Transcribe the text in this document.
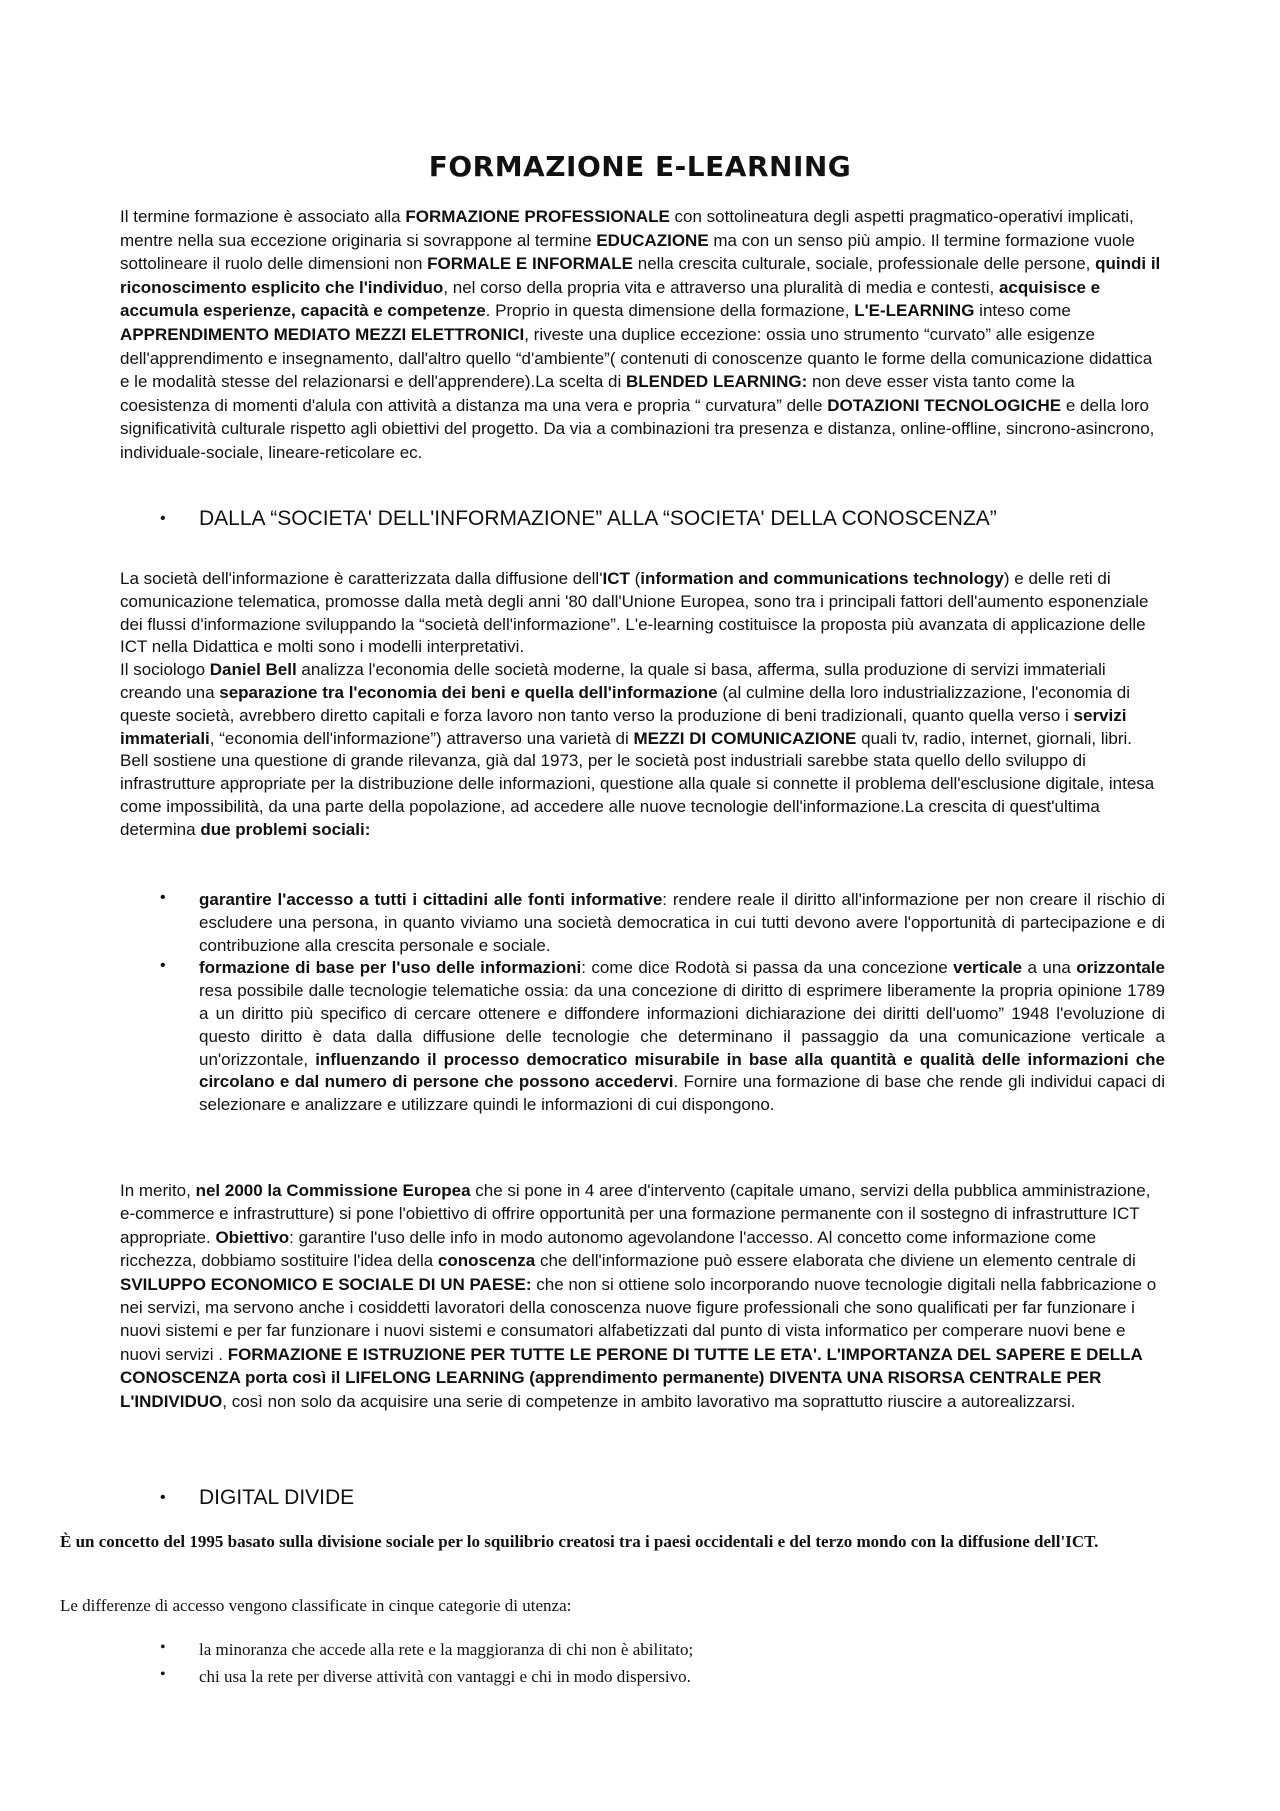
FORMAZIONE E-LEARNING
Il termine formazione è associato alla FORMAZIONE PROFESSIONALE con sottolineatura degli aspetti pragmatico-operativi implicati, mentre nella sua eccezione originaria si sovrappone al termine EDUCAZIONE ma con un senso più ampio. Il termine formazione vuole sottolineare il ruolo delle dimensioni non FORMALE E INFORMALE nella crescita culturale, sociale, professionale delle persone, quindi il riconoscimento esplicito che l'individuo, nel corso della propria vita e attraverso una pluralità di media e contesti, acquisisce e accumula esperienze, capacità e competenze. Proprio in questa dimensione della formazione, L'E-LEARNING inteso come APPRENDIMENTO MEDIATO MEZZI ELETTRONICI, riveste una duplice eccezione: ossia uno strumento “curvato” alle esigenze dell'apprendimento e insegnamento, dall'altro quello “d'ambiente”( contenuti di conoscenze quanto le forme della comunicazione didattica e le modalità stesse del relazionarsi e dell'apprendere).La scelta di BLENDED LEARNING: non deve esser vista tanto come la coesistenza di momenti d'alula con attività a distanza ma una vera e propria “ curvatura” delle DOTAZIONI TECNOLOGICHE e della loro significatività culturale rispetto agli obiettivi del progetto. Da via a combinazioni tra presenza e distanza, online-offline, sincrono-asincrono, individuale-sociale, lineare-reticolare ec.
• DALLA “SOCIETA' DELL'INFORMAZIONE” ALLA “SOCIETA' DELLA CONOSCENZA”
La società dell'informazione è caratterizzata dalla diffusione dell'ICT (information and communications technology) e delle reti di comunicazione telematica, promosse dalla metà degli anni '80 dall'Unione Europea, sono tra i principali fattori dell'aumento esponenziale dei flussi d'informazione sviluppando la “società dell'informazione”. L'e-learning costituisce la proposta più avanzata di applicazione delle ICT nella Didattica e molti sono i modelli interpretativi.
Il sociologo Daniel Bell analizza l'economia delle società moderne, la quale si basa, afferma, sulla produzione di servizi immateriali creando una separazione tra l'economia dei beni e quella dell'informazione (al culmine della loro industrializzazione, l'economia di queste società, avrebbero diretto capitali e forza lavoro non tanto verso la produzione di beni tradizionali, quanto quella verso i servizi immateriali, “economia dell'informazione”) attraverso una varietà di MEZZI DI COMUNICAZIONE quali tv, radio, internet, giornali, libri. Bell sostiene una questione di grande rilevanza, già dal 1973, per le società post industriali sarebbe stata quello dello sviluppo di infrastrutture appropriate per la distribuzione delle informazioni, questione alla quale si connette il problema dell'esclusione digitale, intesa come impossibilità, da una parte della popolazione, ad accedere alle nuove tecnologie dell'informazione.La crescita di quest'ultima determina due problemi sociali:
• garantire l'accesso a tutti i cittadini alle fonti informative: rendere reale il diritto all'informazione per non creare il rischio di escludere una persona, in quanto viviamo una società democratica in cui tutti devono avere l'opportunità di partecipazione e di contribuzione alla crescita personale e sociale.
• formazione di base per l'uso delle informazioni: come dice Rodotà si passa da una concezione verticale a una orizzontale resa possibile dalle tecnologie telematiche ossia: da una concezione di diritto di esprimere liberamente la propria opinione 1789 a un diritto più specifico di cercare ottenere e diffondere informazioni dichiarazione dei diritti dell'uomo” 1948 l'evoluzione di questo diritto è data dalla diffusione delle tecnologie che determinano il passaggio da una comunicazione verticale a un'orizzontale, influenzando il processo democratico misurabile in base alla quantità e qualità delle informazioni che circolano e dal numero di persone che possono accedervi. Fornire una formazione di base che rende gli individui capaci di selezionare e analizzare e utilizzare quindi le informazioni di cui dispongono.
In merito, nel 2000 la Commissione Europea che si pone in 4 aree d'intervento (capitale umano, servizi della pubblica amministrazione, e-commerce e infrastrutture) si pone l'obiettivo di offrire opportunità per una formazione permanente con il sostegno di infrastrutture ICT appropriate. Obiettivo: garantire l'uso delle info in modo autonomo agevolandone l'accesso. Al concetto come informazione come ricchezza, dobbiamo sostituire l'idea della conoscenza che dell'informazione può essere elaborata che diviene un elemento centrale di SVILUPPO ECONOMICO E SOCIALE DI UN PAESE: che non si ottiene solo incorporando nuove tecnologie digitali nella fabbricazione o nei servizi, ma servono anche i cosiddetti lavoratori della conoscenza nuove figure professionali che sono qualificati per far funzionare i nuovi sistemi e per far funzionare i nuovi sistemi e consumatori alfabetizzati dal punto di vista informatico per comperare nuovi bene e nuovi servizi . FORMAZIONE E ISTRUZIONE PER TUTTE LE PERONE DI TUTTE LE ETA'. L'IMPORTANZA DEL SAPERE E DELLA CONOSCENZA porta così il LIFELONG LEARNING (apprendimento permanente) DIVENTA UNA RISORSA CENTRALE PER L'INDIVIDUO, così non solo da acquisire una serie di competenze in ambito lavorativo ma soprattutto riuscire a autorealizzarsi.
• DIGITAL DIVIDE
È un concetto del 1995 basato sulla divisione sociale per lo squilibrio creatosi tra i paesi occidentali e del terzo mondo con la diffusione dell'ICT.
Le differenze di accesso vengono classificate in cinque categorie di utenza:
• la minoranza che accede alla rete e la maggioranza di chi non è abilitato;
• chi usa la rete per diverse attività con vantaggi e chi in modo dispersivo.
